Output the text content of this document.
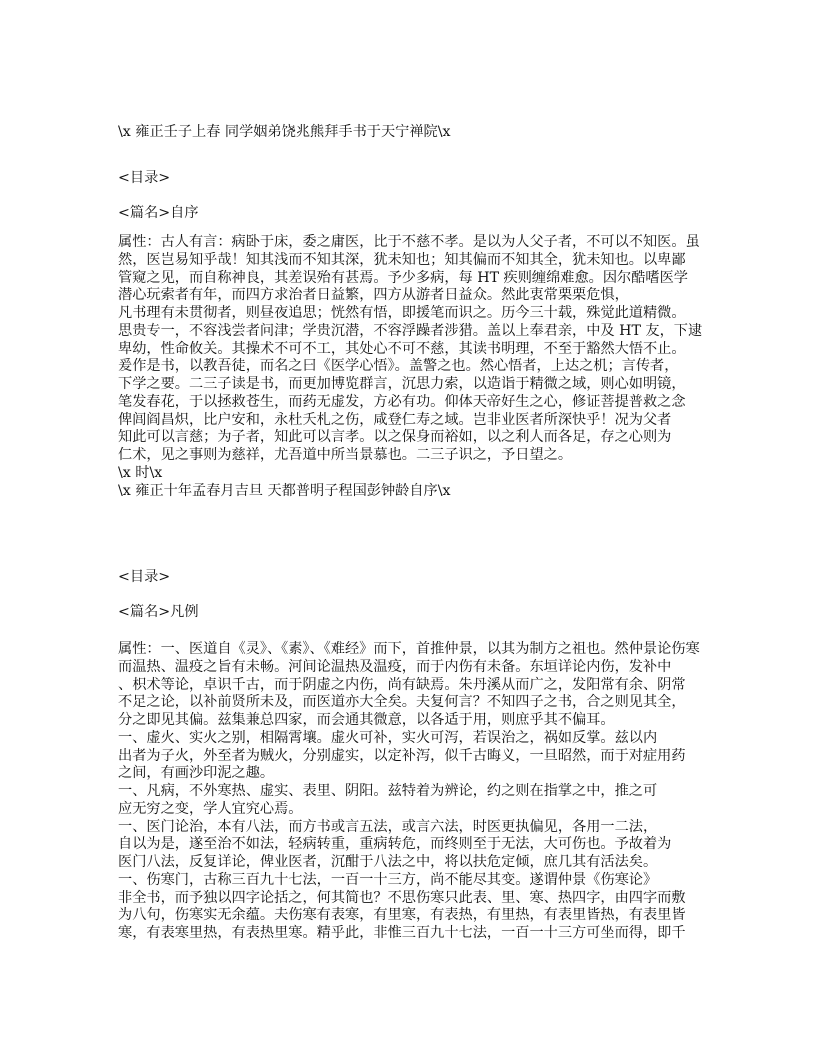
\x 雍正壬子上春 同学姻弟饶兆熊拜手书于天宁禅院\x
<目录>
<篇名>自序
属性：古人有言：病卧于床，委之庸医，比于不慈不孝。是以为人父子者，不可以不知医。虽
然，医岂易知乎哉！知其浅而不知其深，犹未知也；知其偏而不知其全，犹未知也。以卑鄙
管窥之见，而自称神良，其差误殆有甚焉。予少多病，每 HT 疾则缠绵难愈。因尔酷嗜医学
潜心玩索者有年，而四方求治者日益繁，四方从游者日益众。然此衷常栗栗危惧，
凡书理有未贯彻者，则昼夜追思；恍然有悟，即援笔而识之。历今三十载，殊觉此道精微。
思贵专一，不容浅尝者问津；学贵沉潜，不容浮躁者涉猎。盖以上奉君亲，中及 HT 友，下逮
卑幼，性命攸关。其操术不可不工，其处心不可不慈，其读书明理，不至于豁然大悟不止。
爰作是书，以教吾徒，而名之曰《医学心悟》。盖警之也。然心悟者，上达之机；言传者，
下学之要。二三子读是书，而更加博览群言，沉思力索，以造诣于精微之域，则心如明镜，
笔发春花，于以拯救苍生，而药无虚发，方必有功。仰体天帝好生之心，修证菩提普救之念
俾闾阎昌炽，比户安和，永杜夭札之伤，咸登仁寿之域。岂非业医者所深快乎！况为父者
知此可以言慈；为子者，知此可以言孝。以之保身而裕如，以之利人而各足，存之心则为
仁术，见之事则为慈祥，尤吾道中所当景慕也。二三子识之，予日望之。
\x 时\x
\x 雍正十年孟春月吉旦 天都普明子程国彭钟龄自序\x
<目录>
<篇名>凡例
属性：一、医道自《灵》、《素》、《难经》而下，首推仲景，以其为制方之祖也。然仲景论伤寒
而温热、温疫之旨有未畅。河间论温热及温疫，而于内伤有未备。东垣详论内伤，发补中
、枳术等论，卓识千古，而于阴虚之内伤，尚有缺焉。朱丹溪从而广之，发阳常有余、阴常
不足之论，以补前贤所未及，而医道亦大全矣。夫复何言？不知四子之书，合之则见其全，
分之即见其偏。兹集兼总四家，而会通其微意，以各适于用，则庶乎其不偏耳。
一、虚火、实火之别，相隔霄壤。虚火可补，实火可泻，若误治之，祸如反掌。兹以内
出者为子火，外至者为贼火，分别虚实，以定补泻，似千古晦义，一旦昭然，而于对症用药
之间，有画沙印泥之趣。
一、凡病，不外寒热、虚实、表里、阴阳。兹特着为辨论，约之则在指掌之中，推之可
应无穷之变，学人宜究心焉。
一、医门论治，本有八法，而方书或言五法，或言六法，时医更执偏见，各用一二法，
自以为是，遂至治不如法，轻病转重，重病转危，而终则至于无法，大可伤也。予故着为
医门八法，反复详论，俾业医者，沉酣于八法之中，将以扶危定倾，庶几其有活法矣。
一、伤寒门，古称三百九十七法，一百一十三方，尚不能尽其变。遂谓仲景《伤寒论》
非全书，而予独以四字论括之，何其简也？不思伤寒只此表、里、寒、热四字，由四字而敷
为八句，伤寒实无余蕴。夫伤寒有表寒，有里寒，有表热，有里热，有表里皆热，有表里皆
寒，有表寒里热，有表热里寒。精乎此，非惟三百九十七法，一百一十三方可坐而得，即千
